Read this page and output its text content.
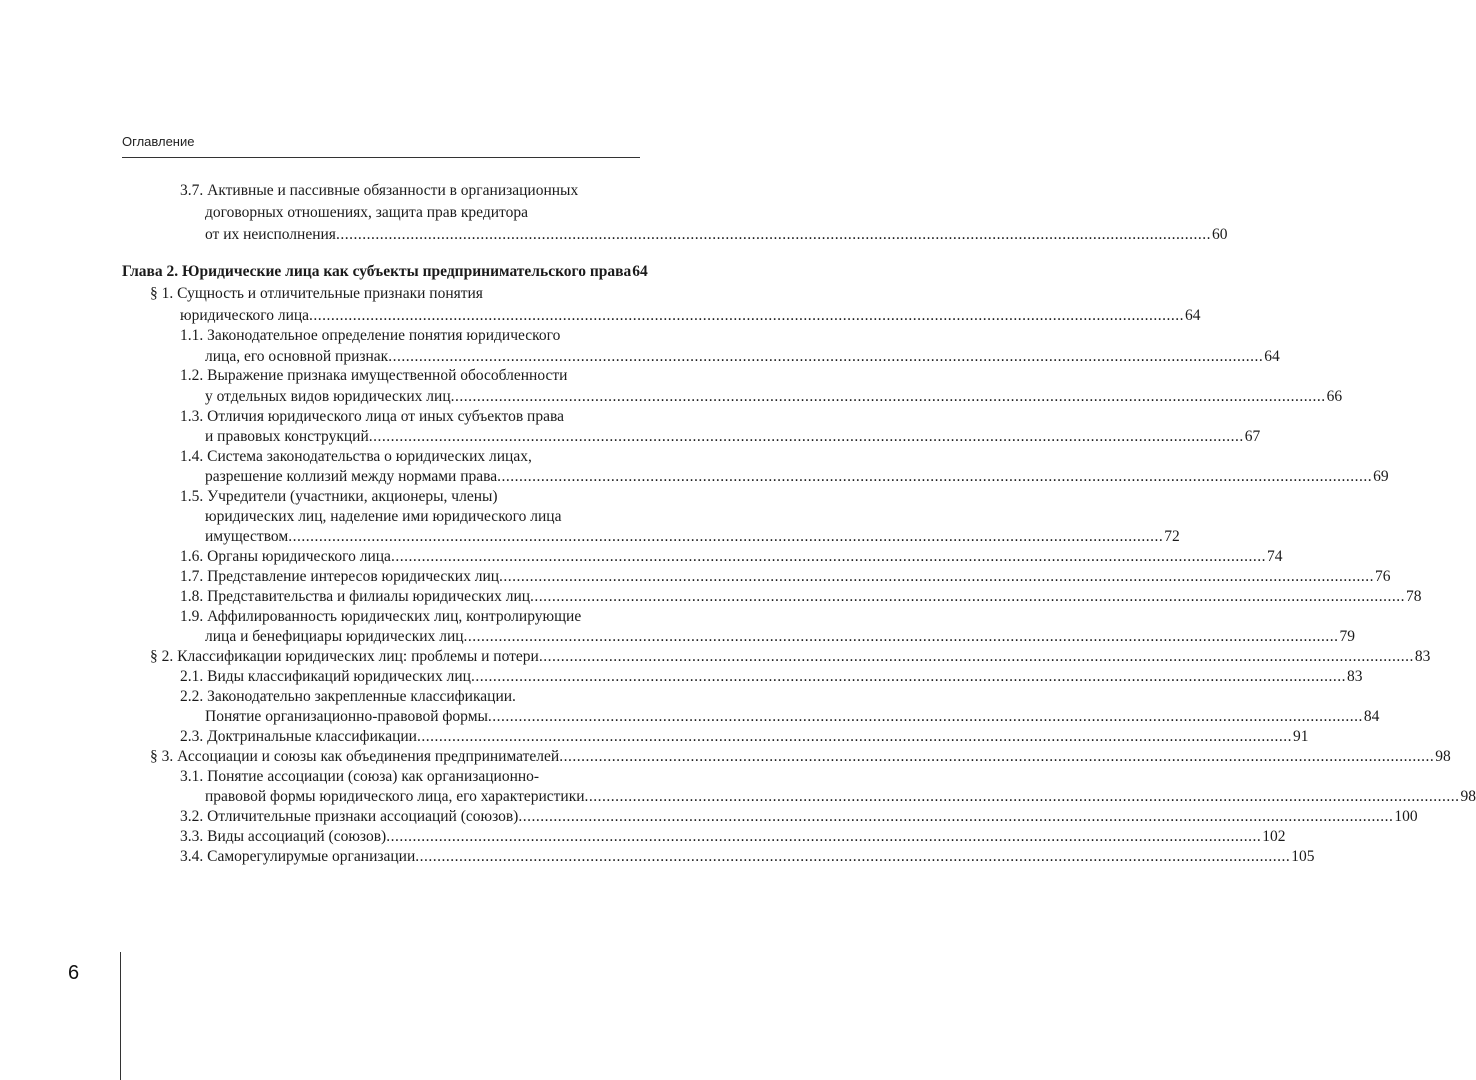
Оглавление
3.7. Активные и пассивные обязанности в организационных
договорных отношениях, защита прав кредитора
от их неисполнения .....	60
Глава 2. Юридические лица как субъекты предпринимательского права 64
§ 1. Сущность и отличительные признаки понятия
юридического лица .....	64
1.1. Законодательное определение понятия юридического
лица, его основной признак .....	64
1.2. Выражение признака имущественной обособленности
у отдельных видов юридических лиц .....	66
1.3. Отличия юридического лица от иных субъектов права
и правовых конструкций .....	67
1.4. Система законодательства о юридических лицах,
разрешение коллизий между нормами права .....	69
1.5. Учредители (участники, акционеры, члены)
юридических лиц, наделение ими юридического лица
имуществом .....	72
1.6. Органы юридического лица .....	74
1.7. Представление интересов юридических лиц .....	76
1.8. Представительства и филиалы юридических лиц .....	78
1.9. Аффилированность юридических лиц, контролирующие
лица и бенефициары юридических лиц .....	79
§ 2. Классификации юридических лиц: проблемы и потери .....	83
2.1. Виды классификаций юридических лиц .....	83
2.2. Законодательно закрепленные классификации.
Понятие организационно-правовой формы .....	84
2.3. Доктринальные классификации .....	91
§ 3. Ассоциации и союзы как объединения предпринимателей .....	98
3.1. Понятие ассоциации (союза) как организационно-
правовой формы юридического лица, его характеристики .....	98
3.2. Отличительные признаки ассоциаций (союзов) .....	100
3.3. Виды ассоциаций (союзов) .....	102
3.4. Саморегулирумые организации .....	105
6
